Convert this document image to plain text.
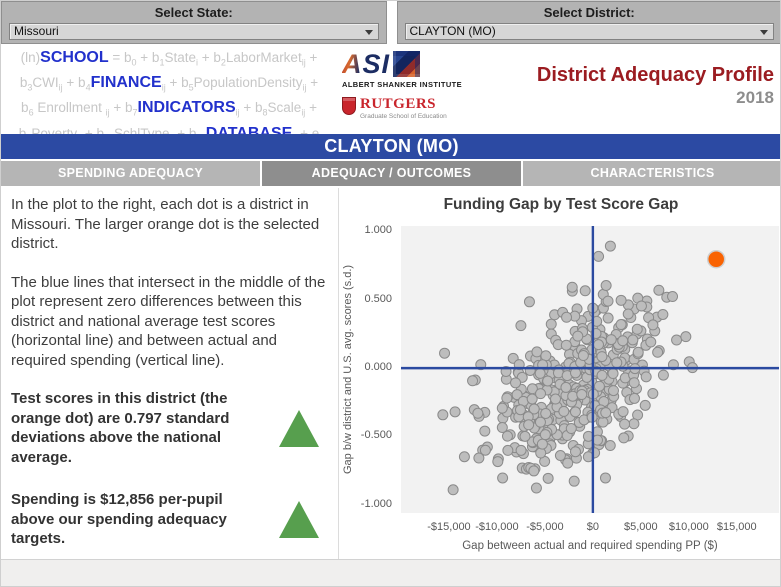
Select State:
Missouri
Select District:
CLAYTON (MO)
(ln)SCHOOL = $b_0$ + $b_1State_i$ + $b_2LaborMarket_{ij}$ +
$b_3CWI_{ij}$ + $b_4FINANCE_{ij}$ + $b_5PopulationDensity_{ij}$ +
$b_6$ Enrollment $_{ij} + b_7INDICATORS_{ij}$ + $b_8Scale_{ij}$ +
ASI
ALBERT SHANKER INSTITUTE
RUTGERS
Graduate School of Education
District Adequacy Profile
2018
CLAYTON (MO)
SPENDING ADEQUACY	ADEQUACY / OUTCOMES	CHARACTERISTICS

In the plot to the right, each dot is a district in Missouri. The larger orange dot is the selected district.

The blue lines that intersect in the middle of the plot represent zero differences between this district and national average test scores (horizontal line) and between actual and required spending (vertical line).

Test scores in this district (the orange dot) are 0.797 standard deviations above the national average.
Spending is $12,856 per-pupil above our spending adequacy targets.
Funding Gap by Test Score Gap
Gap b/w district and U.S. avg. scores (s.d.)
1.000
0.500
0.000
-0.500
-1.000
-$15,000 -$10,000 -$5,000 $0 $5,000 $10,000 $15,000
Gap between actual and required spending PP ($)
